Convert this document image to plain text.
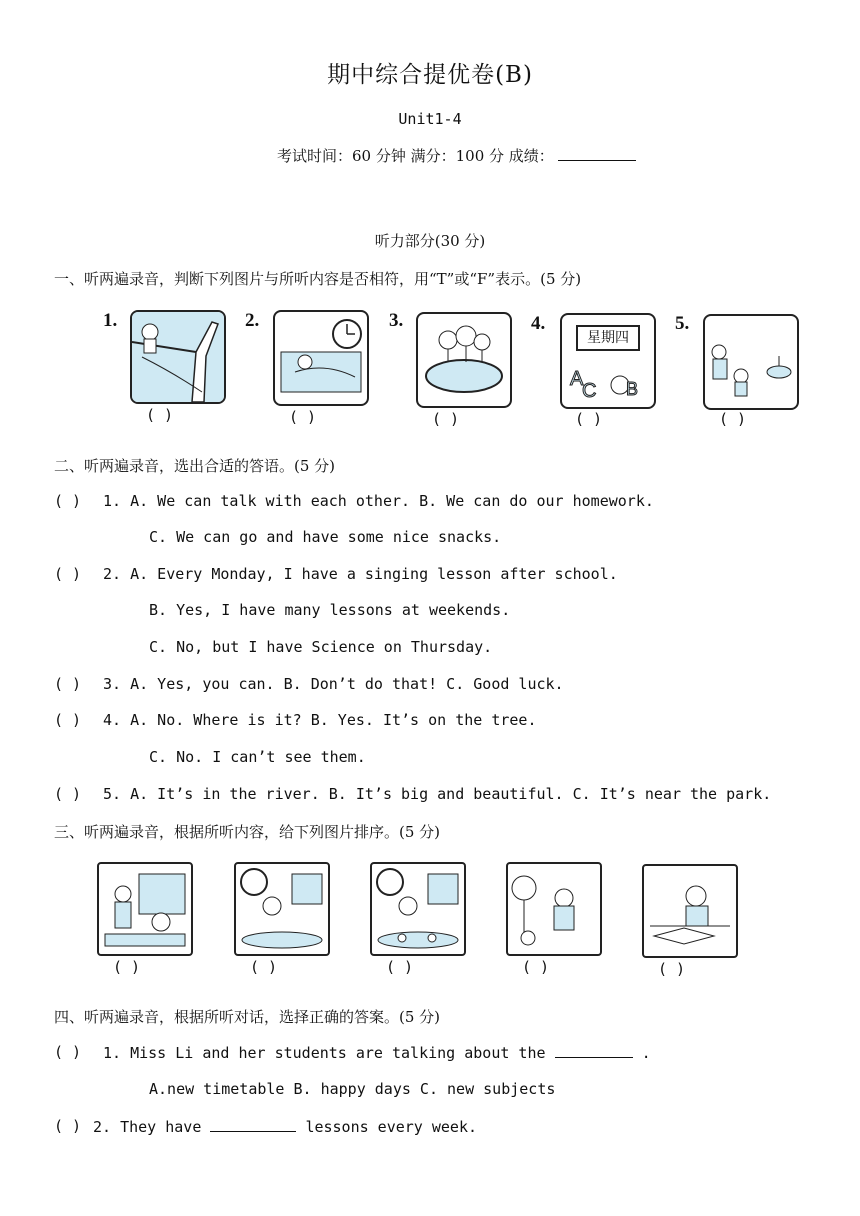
期中综合提优卷(B)
Unit1-4
考试时间：60 分钟 满分：100 分 成绩：
听力部分(30 分)
一、听两遍录音，判断下列图片与所听内容是否相符，用“T”或“F”表示。(5 分)
1.
( )
2.
( )
3.
( )
4.
星期四
A
C B
( )
5.
( )
二、听两遍录音，选出合适的答语。(5 分)
( ) 1. A. We can talk with each other. B. We can do our homework.
C. We can go and have some nice snacks.
( ) 2. A. Every Monday, I have a singing lesson after school.
B. Yes, I have many lessons at weekends.
C. No, but I have Science on Thursday.
( ) 3. A. Yes, you can. B. Don’t do that! C. Good luck.
( ) 4. A. No. Where is it? B. Yes. It’s on the tree.
C. No. I can’t see them.
( ) 5. A. It’s in the river. B. It’s big and beautiful. C. It’s near the park.
三、听两遍录音，根据所听内容，给下列图片排序。(5 分)
( )	( )	( )	( )	( )
四、听两遍录音，根据所听对话，选择正确的答案。(5 分)
( ) 1. Miss Li and her students are talking about the	.
A.new timetable B. happy days C. new subjects
( ) 2. They have	lessons every week.
